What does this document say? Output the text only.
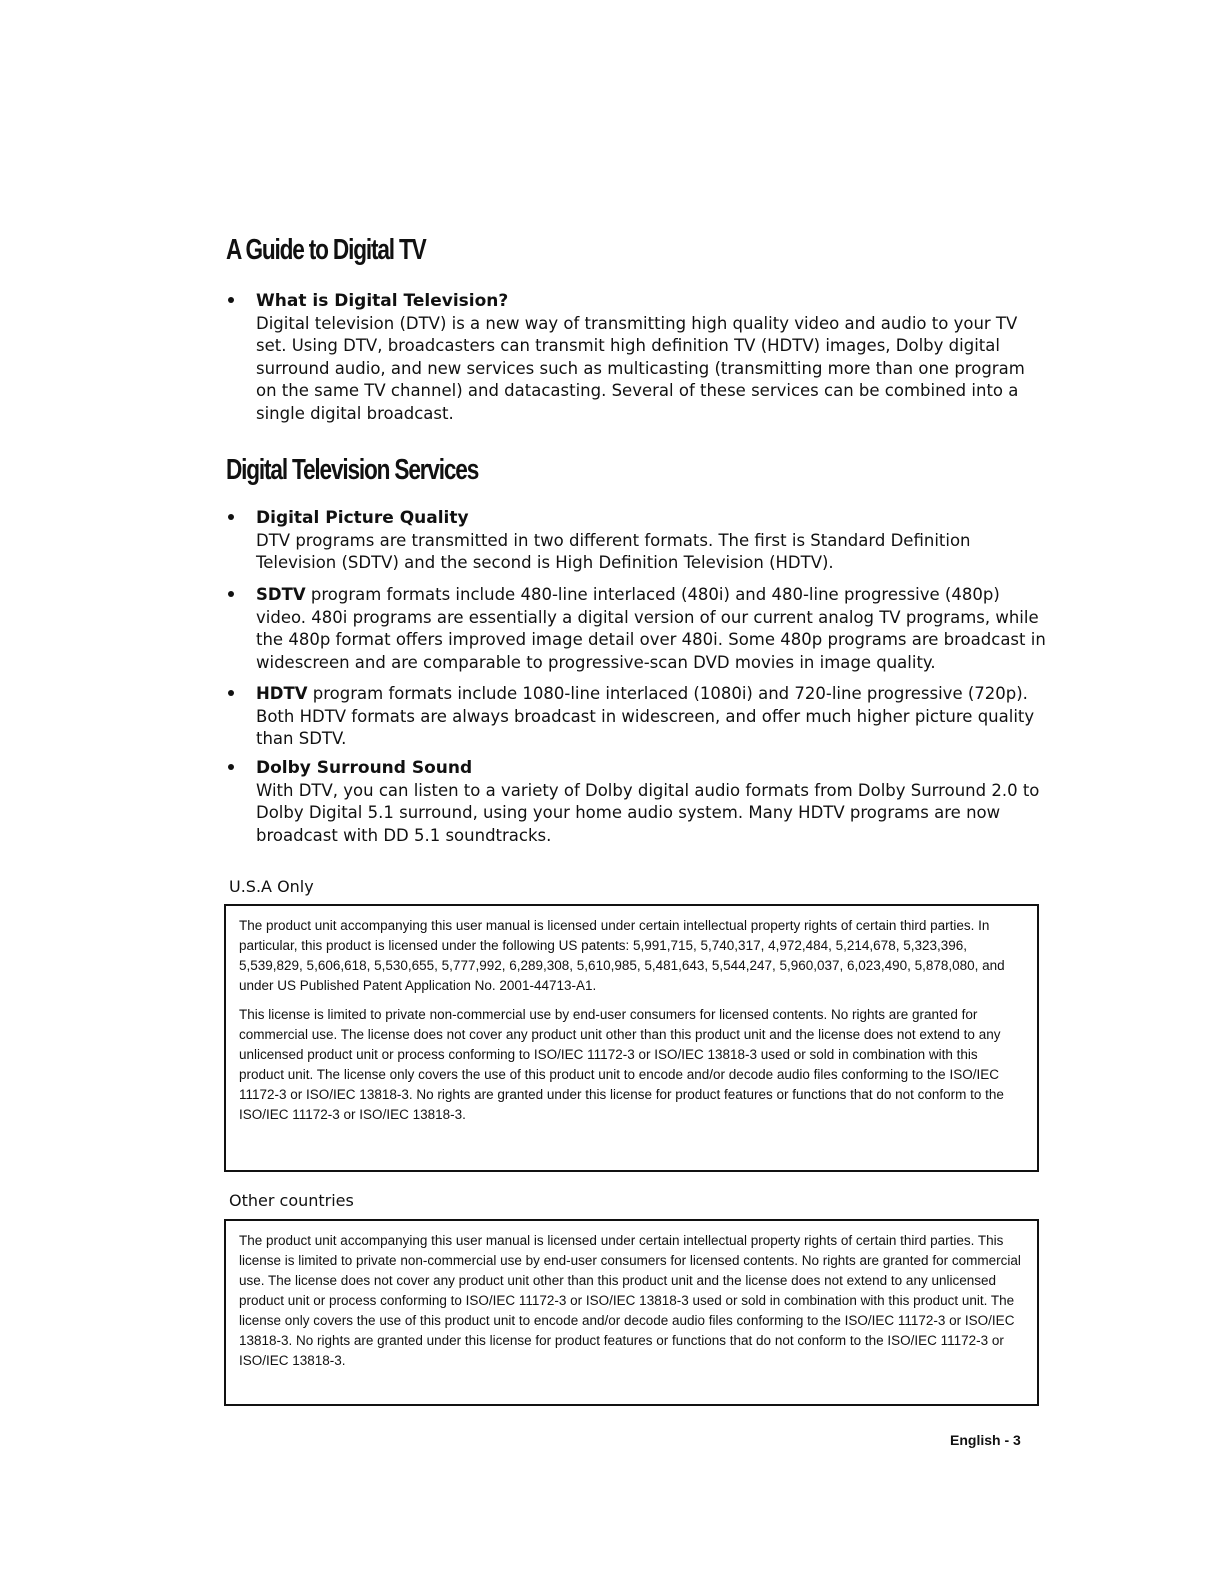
A Guide to Digital TV
What is Digital Television?
Digital television (DTV) is a new way of transmitting high quality video and audio to your TV set. Using DTV, broadcasters can transmit high definition TV (HDTV) images, Dolby digital surround audio, and new services such as multicasting (transmitting more than one program on the same TV channel) and datacasting. Several of these services can be combined into a single digital broadcast.
Digital Television Services
Digital Picture Quality
DTV programs are transmitted in two different formats. The first is Standard Definition Television (SDTV) and the second is High Definition Television (HDTV).
SDTV program formats include 480-line interlaced (480i) and 480-line progressive (480p) video. 480i programs are essentially a digital version of our current analog TV programs, while the 480p format offers improved image detail over 480i. Some 480p programs are broadcast in widescreen and are comparable to progressive-scan DVD movies in image quality.
HDTV program formats include 1080-line interlaced (1080i) and 720-line progressive (720p). Both HDTV formats are always broadcast in widescreen, and offer much higher picture quality than SDTV.
Dolby Surround Sound
With DTV, you can listen to a variety of Dolby digital audio formats from Dolby Surround 2.0 to Dolby Digital 5.1 surround, using your home audio system. Many HDTV programs are now broadcast with DD 5.1 soundtracks.
U.S.A Only

The product unit accompanying this user manual is licensed under certain intellectual property rights of certain third parties. In particular, this product is licensed under the following US patents: 5,991,715, 5,740,317, 4,972,484, 5,214,678, 5,323,396, 5,539,829, 5,606,618, 5,530,655, 5,777,992, 6,289,308, 5,610,985, 5,481,643, 5,544,247, 5,960,037, 6,023,490, 5,878,080, and under US Published Patent Application No. 2001-44713-A1.

This license is limited to private non-commercial use by end-user consumers for licensed contents. No rights are granted for commercial use. The license does not cover any product unit other than this product unit and the license does not extend to any unlicensed product unit or process conforming to ISO/IEC 11172-3 or ISO/IEC 13818-3 used or sold in combination with this product unit. The license only covers the use of this product unit to encode and/or decode audio files conforming to the ISO/IEC 11172-3 or ISO/IEC 13818-3. No rights are granted under this license for product features or functions that do not conform to the ISO/IEC 11172-3 or ISO/IEC 13818-3.

Other countries

The product unit accompanying this user manual is licensed under certain intellectual property rights of certain third parties. This license is limited to private non-commercial use by end-user consumers for licensed contents. No rights are granted for commercial use. The license does not cover any product unit other than this product unit and the license does not extend to any unlicensed product unit or process conforming to ISO/IEC 11172-3 or ISO/IEC 13818-3 used or sold in combination with this product unit. The license only covers the use of this product unit to encode and/or decode audio files conforming to the ISO/IEC 11172-3 or ISO/IEC 13818-3. No rights are granted under this license for product features or functions that do not conform to the ISO/IEC 11172-3 or ISO/IEC 13818-3.

English - 3
